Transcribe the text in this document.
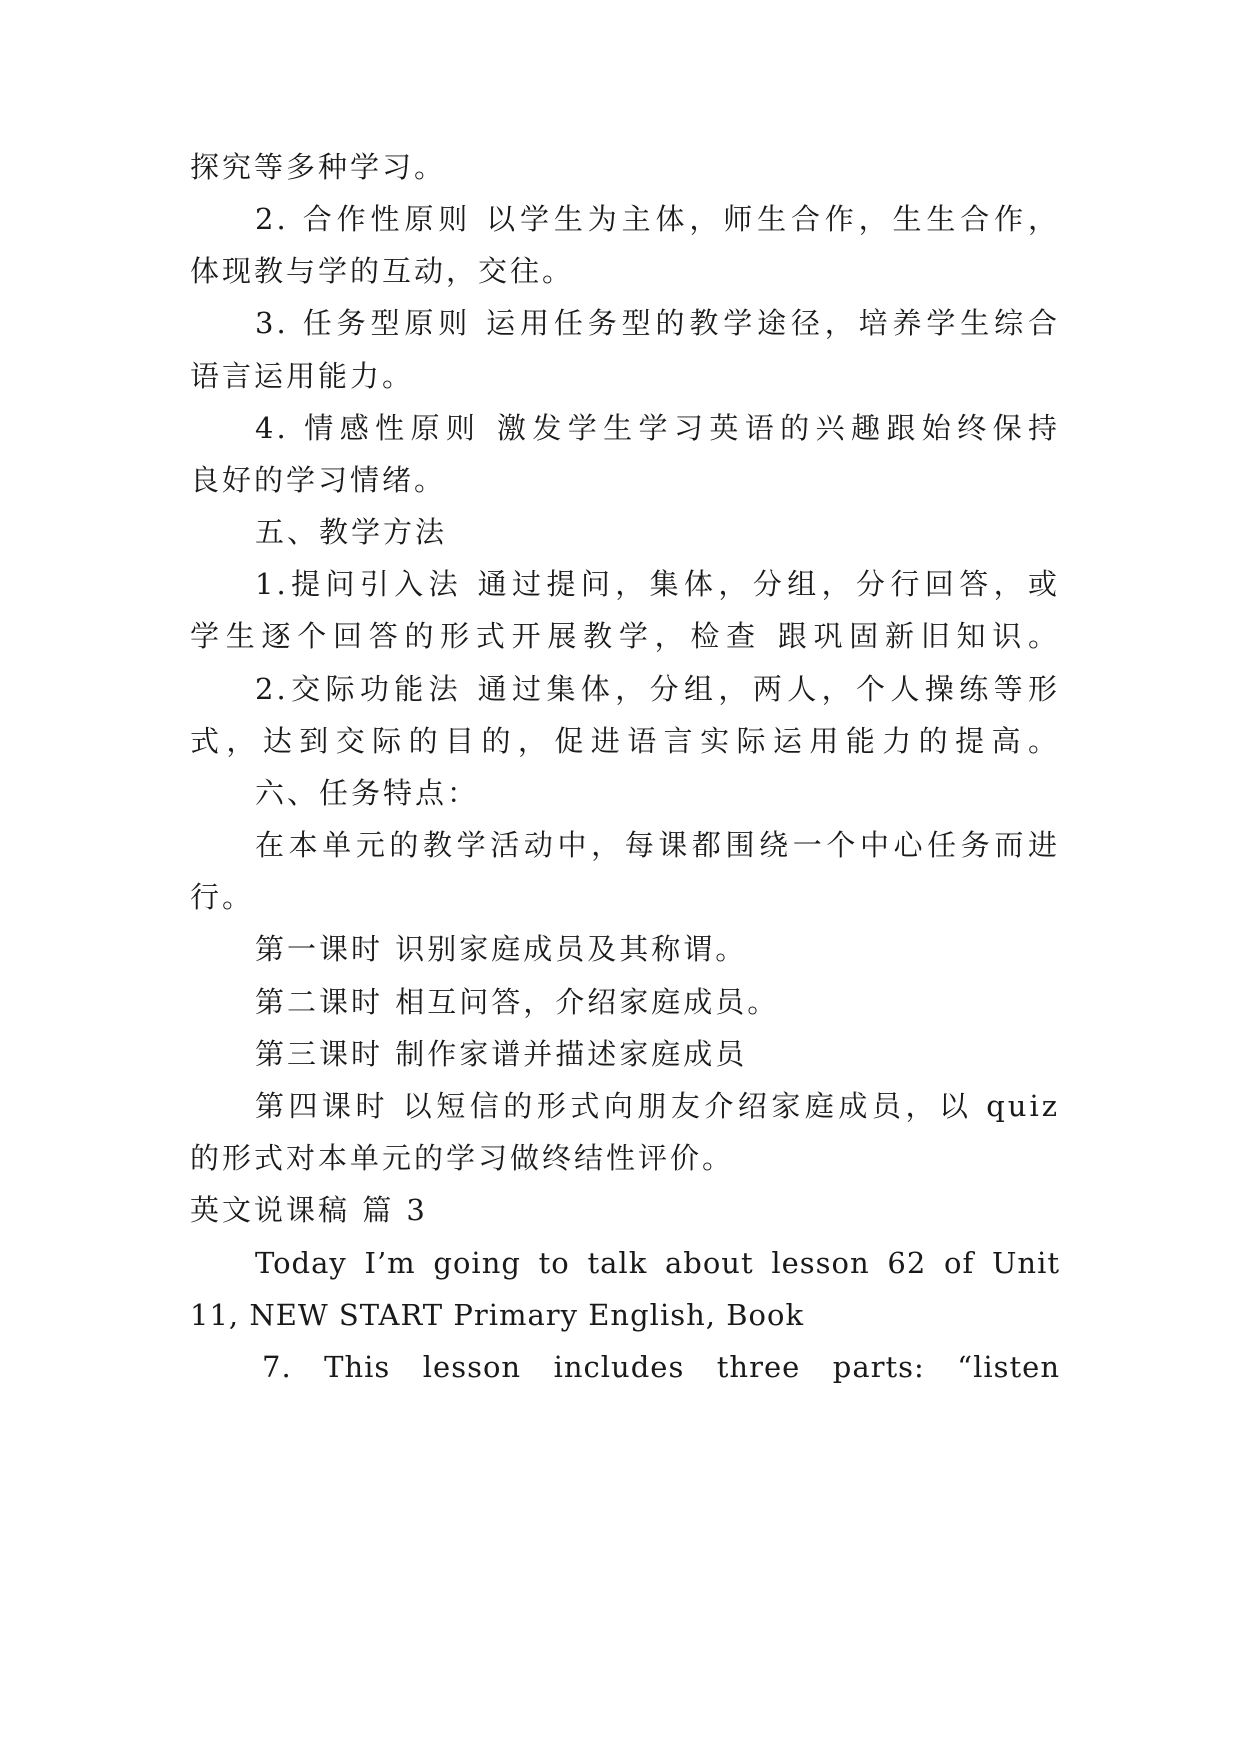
探究等多种学习。
2. 合作性原则 以学生为主体，师生合作，生生合作，
体现教与学的互动，交往。
3. 任务型原则 运用任务型的教学途径，培养学生综合
语言运用能力。
4. 情感性原则 激发学生学习英语的兴趣跟始终保持
良好的学习情绪。
五、教学方法
1.提问引入法 通过提问，集体，分组，分行回答，或
学生逐个回答的形式开展教学，检查 跟巩固新旧知识。
2.交际功能法 通过集体，分组，两人，个人操练等形
式，达到交际的目的，促进语言实际运用能力的提高。
六、任务特点：
在本单元的教学活动中，每课都围绕一个中心任务而进
行。
第一课时 识别家庭成员及其称谓。
第二课时 相互问答，介绍家庭成员。
第三课时 制作家谱并描述家庭成员
第四课时 以短信的形式向朋友介绍家庭成员，以 quiz
的形式对本单元的学习做终结性评价。
英文说课稿 篇 3
Today I’m going to talk about lesson 62 of Unit
11, NEW START Primary English, Book
7. This lesson includes three parts: “listen
